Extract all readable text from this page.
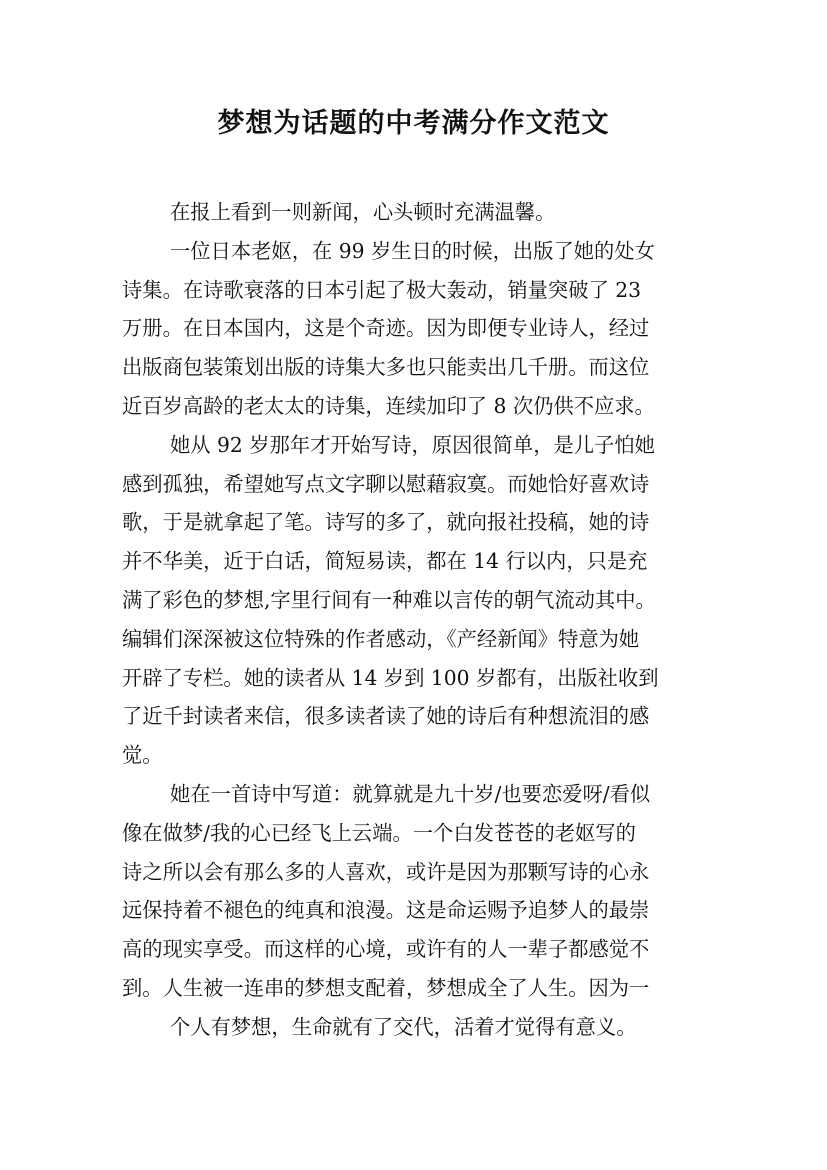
梦想为话题的中考满分作文范文
在报上看到一则新闻，心头顿时充满温馨。
一位日本老妪，在 99 岁生日的时候，出版了她的处女
诗集。在诗歌衰落的日本引起了极大轰动，销量突破了 23
万册。在日本国内，这是个奇迹。因为即便专业诗人，经过
出版商包装策划出版的诗集大多也只能卖出几千册。而这位
近百岁高龄的老太太的诗集，连续加印了 8 次仍供不应求。
她从 92 岁那年才开始写诗，原因很简单，是儿子怕她
感到孤独，希望她写点文字聊以慰藉寂寞。而她恰好喜欢诗
歌，于是就拿起了笔。诗写的多了，就向报社投稿，她的诗
并不华美，近于白话，简短易读，都在 14 行以内，只是充
满了彩色的梦想,字里行间有一种难以言传的朝气流动其中。
编辑们深深被这位特殊的作者感动，《产经新闻》特意为她
开辟了专栏。她的读者从 14 岁到 100 岁都有，出版社收到
了近千封读者来信，很多读者读了她的诗后有种想流泪的感
觉。
她在一首诗中写道：就算就是九十岁/也要恋爱呀/看似
像在做梦/我的心已经飞上云端。一个白发苍苍的老妪写的
诗之所以会有那么多的人喜欢，或许是因为那颗写诗的心永
远保持着不褪色的纯真和浪漫。这是命运赐予追梦人的最崇
高的现实享受。而这样的心境，或许有的人一辈子都感觉不
到。人生被一连串的梦想支配着，梦想成全了人生。因为一
个人有梦想，生命就有了交代，活着才觉得有意义。
